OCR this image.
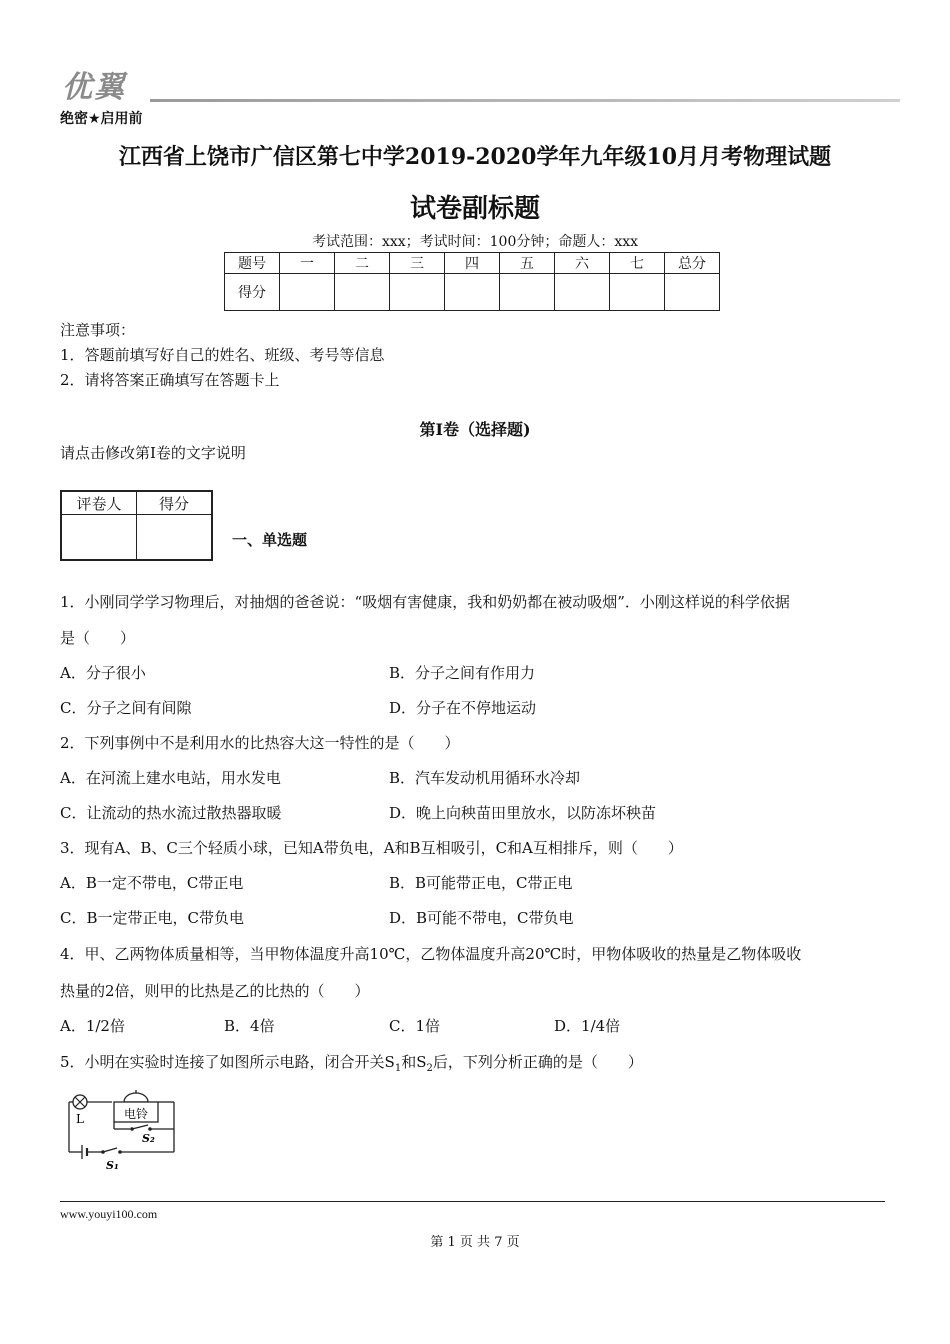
优翼
绝密★启用前
江西省上饶市广信区第七中学2019-2020学年九年级10月月考物理试题
试卷副标题
考试范围：xxx；考试时间：100分钟；命题人：xxx
题号	一	二	三	四	五	六	七	总分
得分								
注意事项：
1．答题前填写好自己的姓名、班级、考号等信息
2．请将答案正确填写在答题卡上
第I卷（选择题)
请点击修改第I卷的文字说明
评卷人	得分

一、单选题
1．小刚同学学习物理后，对抽烟的爸爸说：“吸烟有害健康，我和奶奶都在被动吸烟”．小刚这样说的科学依据
是（　　）
A．分子很小	B．分子之间有作用力
C．分子之间有间隙	D．分子在不停地运动
2．下列事例中不是利用水的比热容大这一特性的是（　　）
A．在河流上建水电站，用水发电	B．汽车发动机用循环水冷却
C．让流动的热水流过散热器取暖	D．晚上向秧苗田里放水，以防冻坏秧苗
3．现有A、B、C三个轻质小球，已知A带负电，A和B互相吸引，C和A互相排斥，则（　　）
A．B一定不带电，C带正电	B．B可能带正电，C带正电
C．B一定带正电，C带负电	D．B可能不带电，C带负电
4．甲、乙两物体质量相等，当甲物体温度升高10℃，乙物体温度升高20℃时，甲物体吸收的热量是乙物体吸收
热量的2倍，则甲的比热是乙的比热的（　　）
A．1/2倍	B．4倍	C．1倍	D．1/4倍
5．小明在实验时连接了如图所示电路，闭合开关$S_1$和$S_2$后，下列分析正确的是（　　）
L	电铃
S₂
S₁
www.youyi100.com
第 1 页 共 7 页
